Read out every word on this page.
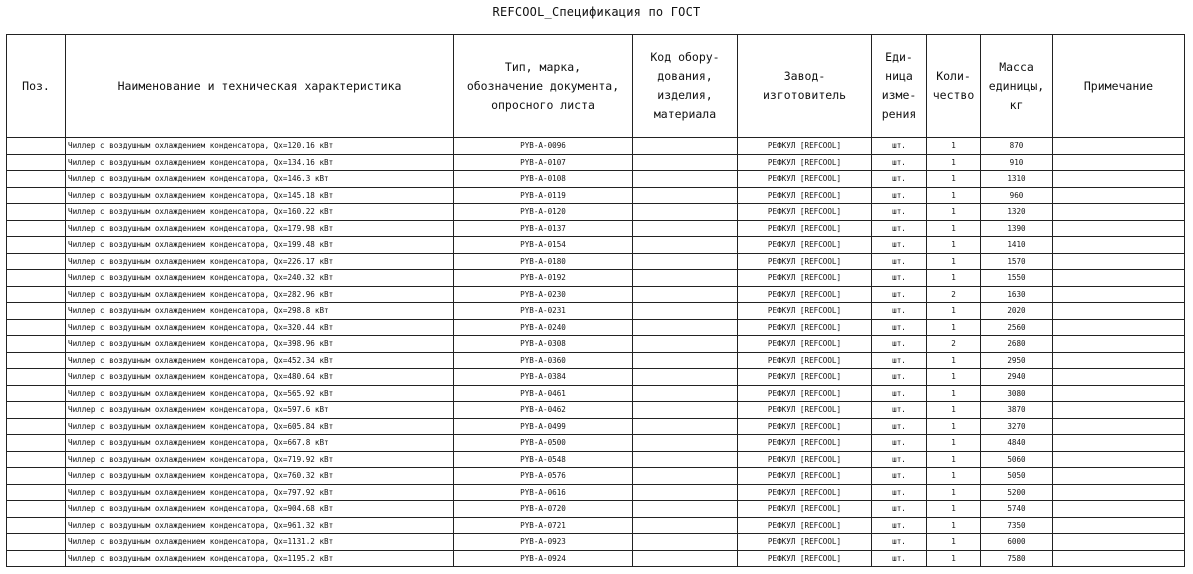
REFCOOL_Спецификация по ГОСТ
Поз.	Наименование и техническая характеристика	Тип, марка,
обозначение документа,
опросного листа	Код обору-
дования,
изделия,
материала	Завод-
изготовитель	Еди-
ница
изме-
рения	Коли-
чество	Масса
единицы,
кг	Примечание
	Чиллер с воздушным охлаждением конденсатора, Qх=120.16 кВт	PYB-A-0096		РЕФКУЛ [REFCOOL]	шт.	1	870	
	Чиллер с воздушным охлаждением конденсатора, Qх=134.16 кВт	PYB-A-0107		РЕФКУЛ [REFCOOL]	шт.	1	910	
	Чиллер с воздушным охлаждением конденсатора, Qх=146.3 кВт	PYB-A-0108		РЕФКУЛ [REFCOOL]	шт.	1	1310	
	Чиллер с воздушным охлаждением конденсатора, Qх=145.18 кВт	PYB-A-0119		РЕФКУЛ [REFCOOL]	шт.	1	960	
	Чиллер с воздушным охлаждением конденсатора, Qх=160.22 кВт	PYB-A-0120		РЕФКУЛ [REFCOOL]	шт.	1	1320	
	Чиллер с воздушным охлаждением конденсатора, Qх=179.98 кВт	PYB-A-0137		РЕФКУЛ [REFCOOL]	шт.	1	1390	
	Чиллер с воздушным охлаждением конденсатора, Qх=199.48 кВт	PYB-A-0154		РЕФКУЛ [REFCOOL]	шт.	1	1410	
	Чиллер с воздушным охлаждением конденсатора, Qх=226.17 кВт	PYB-A-0180		РЕФКУЛ [REFCOOL]	шт.	1	1570	
	Чиллер с воздушным охлаждением конденсатора, Qх=240.32 кВт	PYB-A-0192		РЕФКУЛ [REFCOOL]	шт.	1	1550	
	Чиллер с воздушным охлаждением конденсатора, Qх=282.96 кВт	PYB-A-0230		РЕФКУЛ [REFCOOL]	шт.	2	1630	
	Чиллер с воздушным охлаждением конденсатора, Qх=298.8 кВт	PYB-A-0231		РЕФКУЛ [REFCOOL]	шт.	1	2020	
	Чиллер с воздушным охлаждением конденсатора, Qх=320.44 кВт	PYB-A-0240		РЕФКУЛ [REFCOOL]	шт.	1	2560	
	Чиллер с воздушным охлаждением конденсатора, Qх=398.96 кВт	PYB-A-0308		РЕФКУЛ [REFCOOL]	шт.	2	2680	
	Чиллер с воздушным охлаждением конденсатора, Qх=452.34 кВт	PYB-A-0360		РЕФКУЛ [REFCOOL]	шт.	1	2950	
	Чиллер с воздушным охлаждением конденсатора, Qх=480.64 кВт	PYB-A-0384		РЕФКУЛ [REFCOOL]	шт.	1	2940	
	Чиллер с воздушным охлаждением конденсатора, Qх=565.92 кВт	PYB-A-0461		РЕФКУЛ [REFCOOL]	шт.	1	3080	
	Чиллер с воздушным охлаждением конденсатора, Qх=597.6 кВт	PYB-A-0462		РЕФКУЛ [REFCOOL]	шт.	1	3870	
	Чиллер с воздушным охлаждением конденсатора, Qх=605.84 кВт	PYB-A-0499		РЕФКУЛ [REFCOOL]	шт.	1	3270	
	Чиллер с воздушным охлаждением конденсатора, Qх=667.8 кВт	PYB-A-0500		РЕФКУЛ [REFCOOL]	шт.	1	4840	
	Чиллер с воздушным охлаждением конденсатора, Qх=719.92 кВт	PYB-A-0548		РЕФКУЛ [REFCOOL]	шт.	1	5060	
	Чиллер с воздушным охлаждением конденсатора, Qх=760.32 кВт	PYB-A-0576		РЕФКУЛ [REFCOOL]	шт.	1	5050	
	Чиллер с воздушным охлаждением конденсатора, Qх=797.92 кВт	PYB-A-0616		РЕФКУЛ [REFCOOL]	шт.	1	5200	
	Чиллер с воздушным охлаждением конденсатора, Qх=904.68 кВт	PYB-A-0720		РЕФКУЛ [REFCOOL]	шт.	1	5740	
	Чиллер с воздушным охлаждением конденсатора, Qх=961.32 кВт	PYB-A-0721		РЕФКУЛ [REFCOOL]	шт.	1	7350	
	Чиллер с воздушным охлаждением конденсатора, Qх=1131.2 кВт	PYB-A-0923		РЕФКУЛ [REFCOOL]	шт.	1	6000	
	Чиллер с воздушным охлаждением конденсатора, Qх=1195.2 кВт	PYB-A-0924		РЕФКУЛ [REFCOOL]	шт.	1	7580	
